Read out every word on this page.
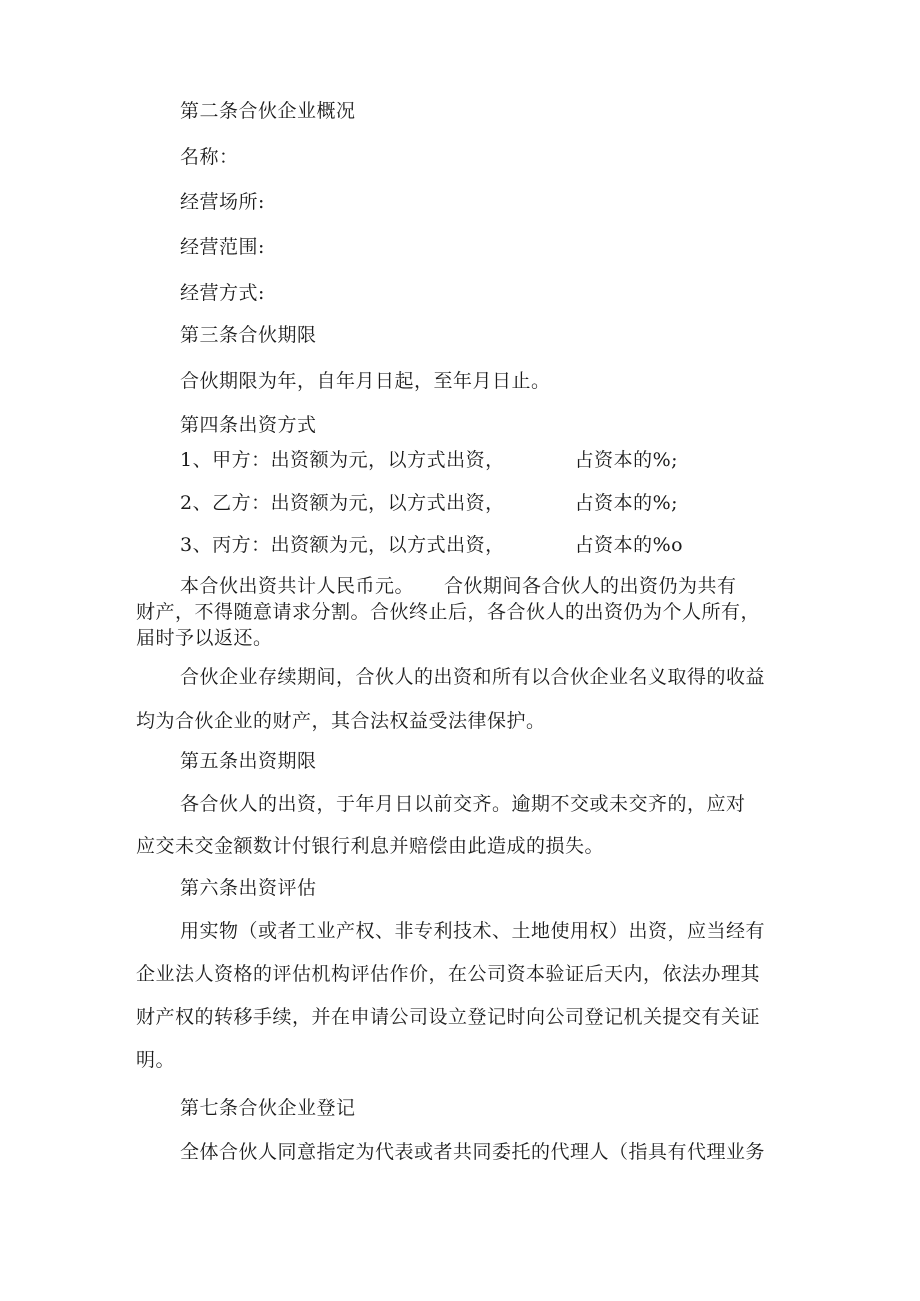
第二条合伙企业概况
名称：
经营场所:
经营范围:
经营方式:
第三条合伙期限
合伙期限为年，自年月日起，至年月日止。
第四条出资方式
1、甲方：出资额为元，以方式出资，	占资本的%;
2、乙方：出资额为元，以方式出资，	占资本的%;
3、丙方：出资额为元，以方式出资，	占资本的%o
本合伙出资共计人民币元。 合伙期间各合伙人的出资仍为共有
财产，不得随意请求分割。合伙终止后，各合伙人的出资仍为个人所有，
届时予以返还。
合伙企业存续期间，合伙人的出资和所有以合伙企业名义取得的收益
均为合伙企业的财产，其合法权益受法律保护。
第五条出资期限
各合伙人的出资，于年月日以前交齐。逾期不交或未交齐的，应对
应交未交金额数计付银行利息并赔偿由此造成的损失。
第六条出资评估
用实物（或者工业产权、非专利技术、土地使用权）出资，应当经有
企业法人资格的评估机构评估作价，在公司资本验证后天内，依法办理其
财产权的转移手续，并在申请公司设立登记时向公司登记机关提交有关证
明。
第七条合伙企业登记
全体合伙人同意指定为代表或者共同委托的代理人（指具有代理业务
